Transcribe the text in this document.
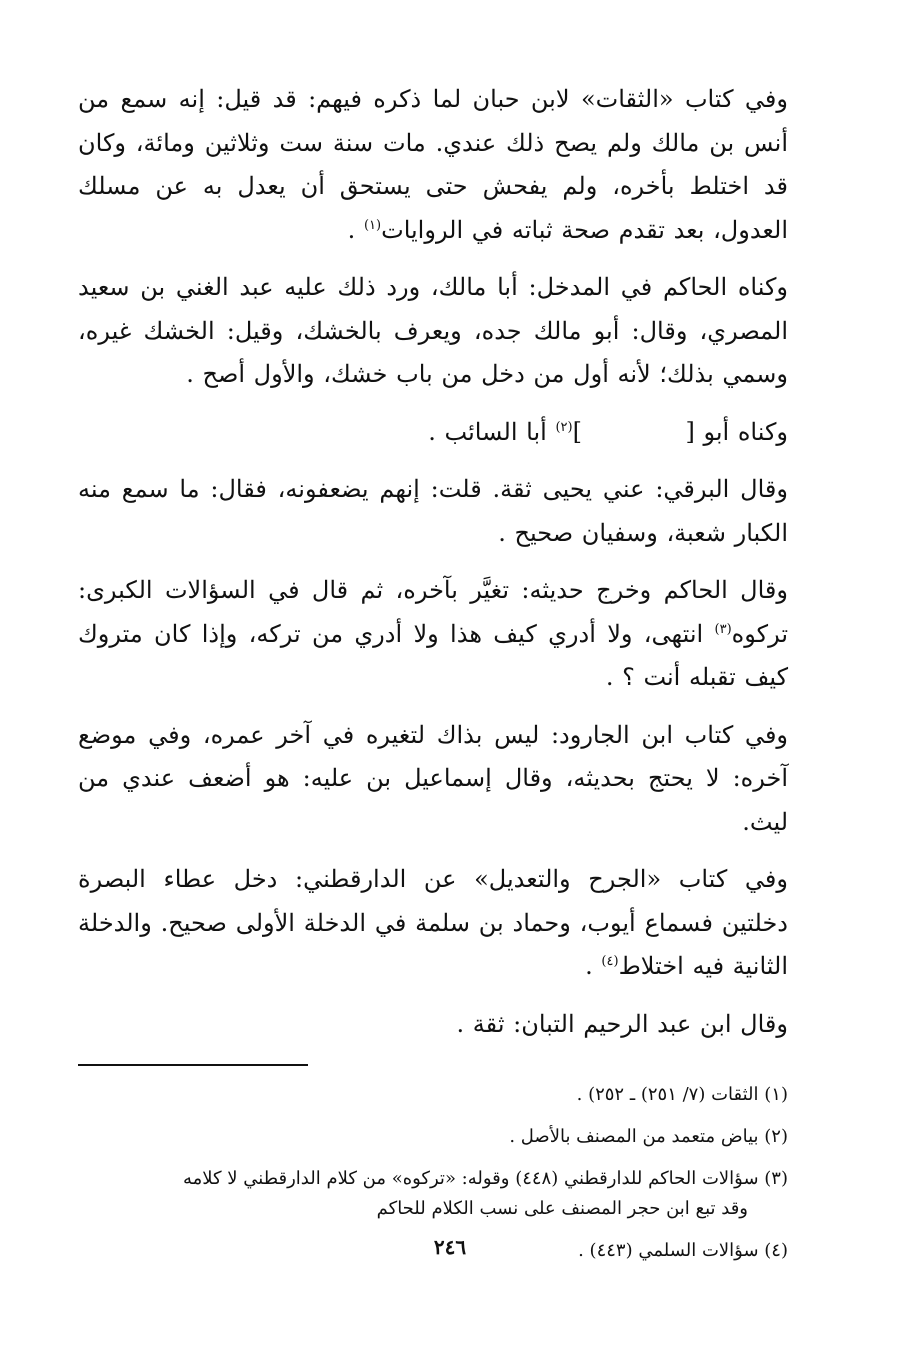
وفي كتاب «الثقات» لابن حبان لما ذكره فيهم: قد قيل: إنه سمع من أنس بن مالك ولم يصح ذلك عندي. مات سنة ست وثلاثين ومائة، وكان قد اختلط بأخره، ولم يفحش حتى يستحق أن يعدل به عن مسلك العدول، بعد تقدم صحة ثباته في الروايات$^{(١)}$ .

وكناه الحاكم في المدخل: أبا مالك، ورد ذلك عليه عبد الغني بن سعيد المصري، وقال: أبو مالك جده، ويعرف بالخشك، وقيل: الخشك غيره، وسمي بذلك؛ لأنه أول من دخل من باب خشك، والأول أصح .

وكناه أبو [            ]$^{(٢)}$ أبا السائب .

وقال البرقي: عني يحيى ثقة. قلت: إنهم يضعفونه، فقال: ما سمع منه الكبار شعبة، وسفيان صحيح .

وقال الحاكم وخرج حديثه: تغيَّر بآخره، ثم قال في السؤالات الكبرى: تركوه$^{(٣)}$ انتهى، ولا أدري كيف هذا ولا أدري من تركه، وإذا كان متروك كيف تقبله أنت ؟ .

وفي كتاب ابن الجارود: ليس بذاك لتغيره في آخر عمره، وفي موضع آخره: لا يحتج بحديثه، وقال إسماعيل بن عليه: هو أضعف عندي من ليث.

وفي كتاب «الجرح والتعديل» عن الدارقطني: دخل عطاء البصرة دخلتين فسماع أيوب، وحماد بن سلمة في الدخلة الأولى صحيح. والدخلة الثانية فيه اختلاط$^{(٤)}$ .

وقال ابن عبد الرحيم التبان: ثقة .

(١) الثقات (٧/ ٢٥١) ـ ٢٥٢) .
(٢) بياض متعمد من المصنف بالأصل .
(٣) سؤالات الحاكم للدارقطني (٤٤٨) وقوله: «تركوه» من كلام الدارقطني لا كلامه
وقد تبع ابن حجر المصنف على نسب الكلام للحاكم
(٤) سؤالات السلمي (٤٤٣) .
٢٤٦
